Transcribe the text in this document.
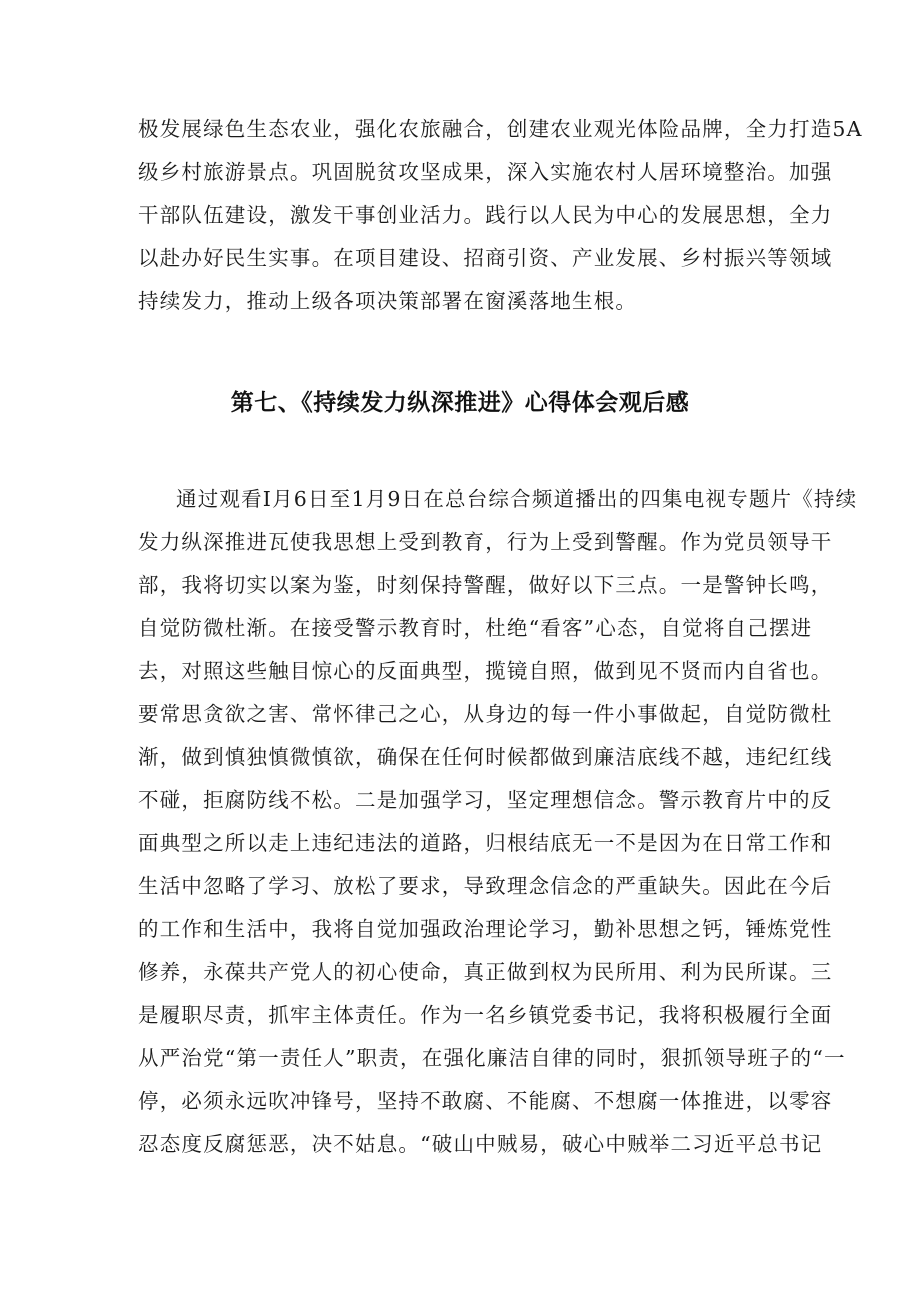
极发展绿色生态农业，强化农旅融合，创建农业观光体险品牌，全力打造5A
级乡村旅游景点。巩固脱贫攻坚成果，深入实施农村人居环境整治。加强
干部队伍建设，激发干事创业活力。践行以人民为中心的发展思想，全力
以赴办好民生实事。在项目建设、招商引资、产业发展、乡村振兴等领域
持续发力，推动上级各项决策部署在窗溪落地生根。
第七、《持续发力纵深推进》心得体会观后感
通过观看I月6日至1月9日在总台综合频道播出的四集电视专题片《持续
发力纵深推进瓦使我思想上受到教育，行为上受到警醒。作为党员领导干
部，我将切实以案为鉴，时刻保持警醒，做好以下三点。一是警钟长鸣，
自觉防微杜渐。在接受警示教育时，杜绝“看客”心态，自觉将自己摆进
去，对照这些触目惊心的反面典型，揽镜自照，做到见不贤而内自省也。
要常思贪欲之害、常怀律己之心，从身边的每一件小事做起，自觉防微杜
渐，做到慎独慎微慎欲，确保在任何时候都做到廉洁底线不越，违纪红线
不碰，拒腐防线不松。二是加强学习，坚定理想信念。警示教育片中的反
面典型之所以走上违纪违法的道路，归根结底无一不是因为在日常工作和
生活中忽略了学习、放松了要求，导致理念信念的严重缺失。因此在今后
的工作和生活中，我将自觉加强政治理论学习，勤补思想之钙，锤炼党性
修养，永葆共产党人的初心使命，真正做到权为民所用、利为民所谋。三
是履职尽责，抓牢主体责任。作为一名乡镇党委书记，我将积极履行全面
从严治党“第一责任人”职责，在强化廉洁自律的同时，狠抓领导班子的“一
停，必须永远吹冲锋号，坚持不敢腐、不能腐、不想腐一体推进，以零容
忍态度反腐惩恶，决不姑息。“破山中贼易，破心中贼举二习近平总书记
